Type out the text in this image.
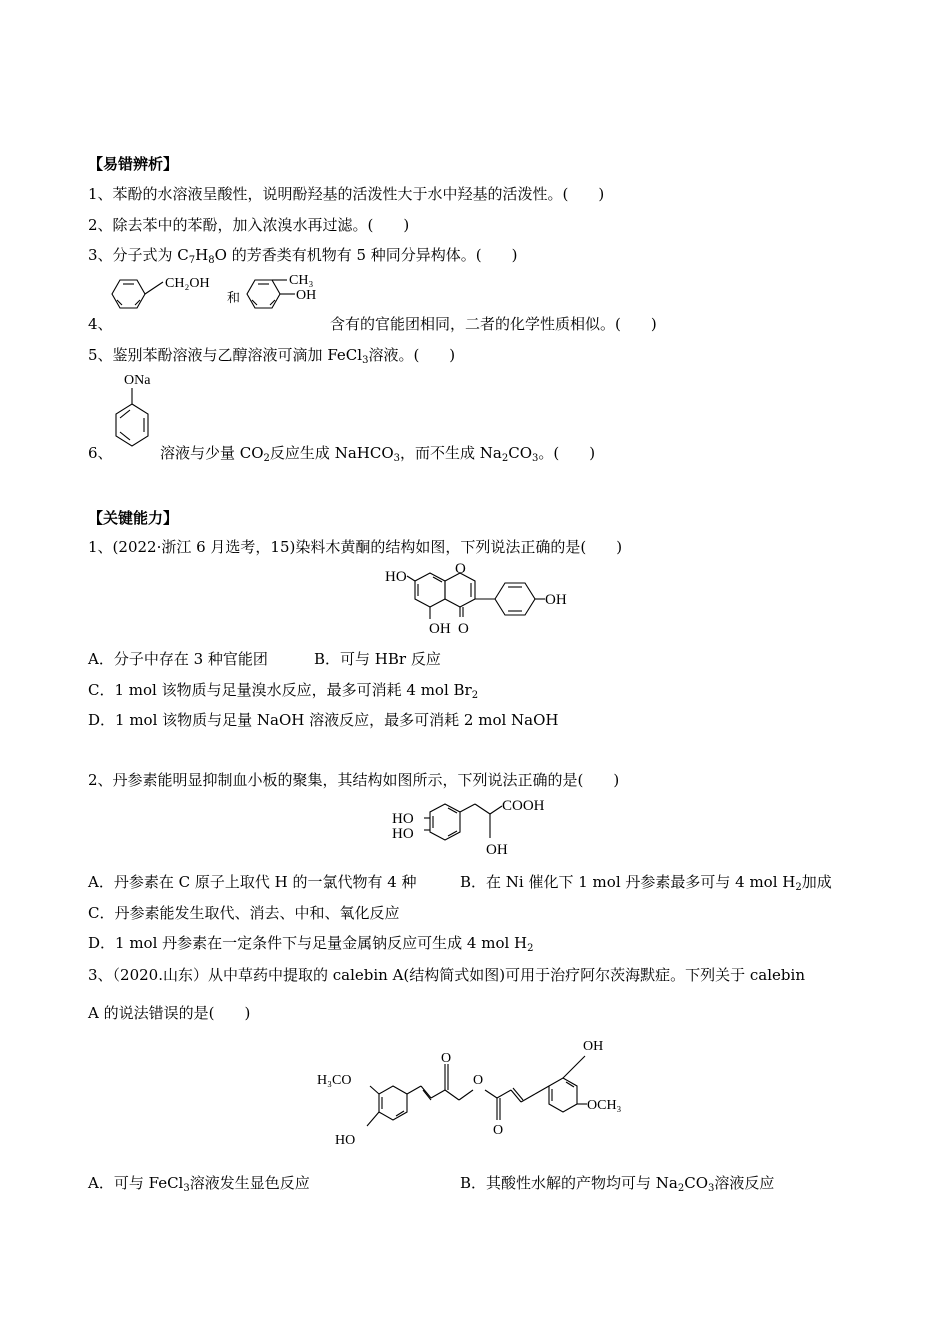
【易错辨析】
1、苯酚的水溶液呈酸性，说明酚羟基的活泼性大于水中羟基的活泼性。(　　)
2、除去苯中的苯酚，加入浓溴水再过滤。(　　)
3、分子式为 $C_7H_8O$ 的芳香类有机物有 5 种同分异构体。(　　)
CH₂OH
和
CH₃
OH
4、	含有的官能团相同，二者的化学性质相似。(　　)
5、鉴别苯酚溶液与乙醇溶液可滴加 FeCl$_3$溶液。(　　)
ONa
6、	溶液与少量 $CO_2$反应生成 NaHCO$_3$，而不生成 $Na_2CO_3$。(　　)
【关键能力】
1、(2022·浙江 6 月选考，15)染料木黄酮的结构如图，下列说法正确的是(　　)
HO	O
OH O
OH
A．分子中存在 3 种官能团	B．可与 HBr 反应
C．1 mol 该物质与足量溴水反应，最多可消耗 4 mol $Br_2$
D．1 mol 该物质与足量 NaOH 溶液反应，最多可消耗 2 mol NaOH
2、丹参素能明显抑制血小板的聚集，其结构如图所示，下列说法正确的是(　　)
COOH
HO
HO
OH
A．丹参素在 C 原子上取代 H 的一氯代物有 4 种	B．在 Ni 催化下 1 mol 丹参素最多可与 4 mol $H_2$加成
C．丹参素能发生取代、消去、中和、氧化反应
D．1 mol 丹参素在一定条件下与足量金属钠反应可生成 4 mol $H_2$
3、（2020.山东）从中草药中提取的 calebin A(结构简式如图)可用于治疗阿尔茨海默症。下列关于 calebin
A 的说法错误的是(　　)
H₃CO
HO
O
O
O
OH
OCH₃
A．可与 FeCl$_3$溶液发生显色反应	B．其酸性水解的产物均可与 $Na_2CO_3$溶液反应
